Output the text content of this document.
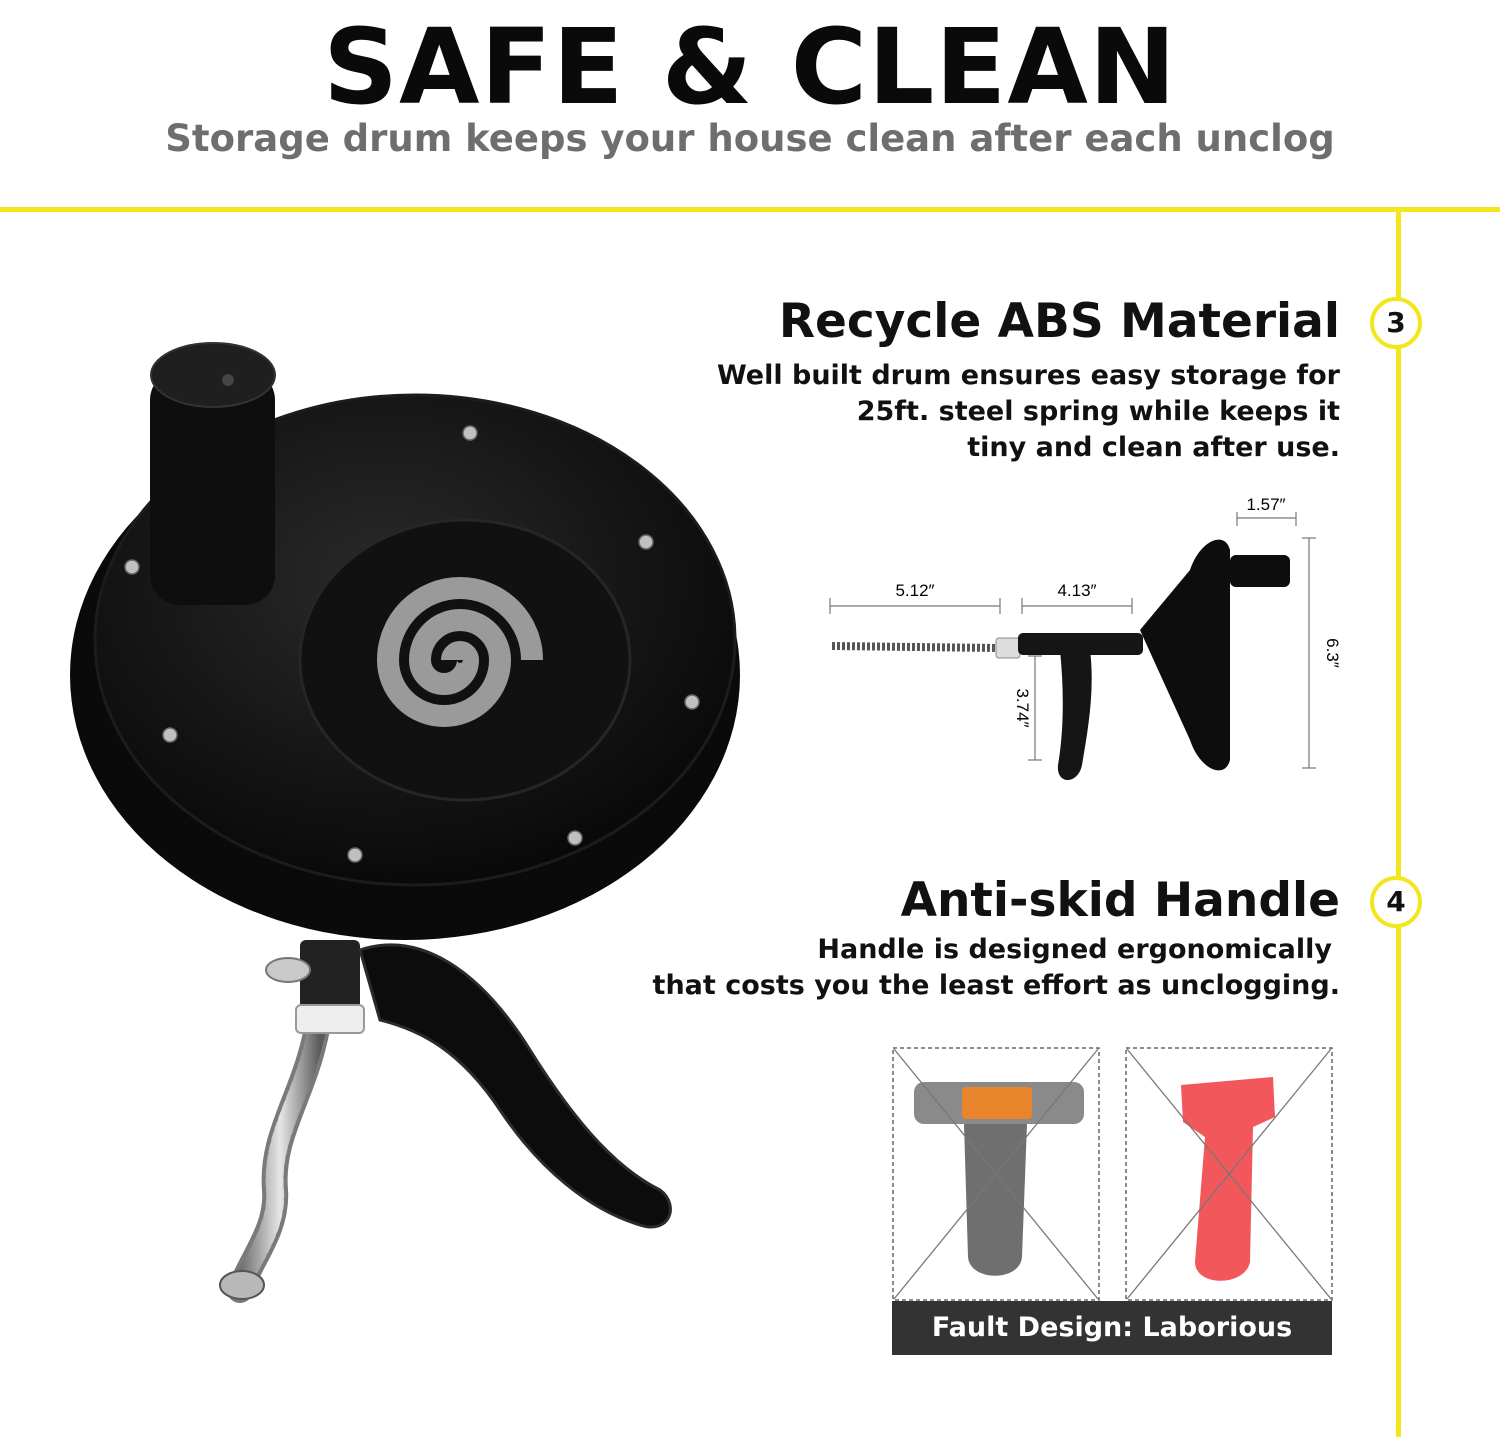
SAFE & CLEAN
Storage drum keeps your house clean after each unclog
3
Recycle ABS Material
Well built drum ensures easy storage for
25ft. steel spring while keeps it
tiny and clean after use.
1.57″
5.12″	4.13″
6.3″
3.74″
4
Anti-skid Handle
Handle is designed ergonomically
that costs you the least effort as unclogging.
Fault Design: Laborious
